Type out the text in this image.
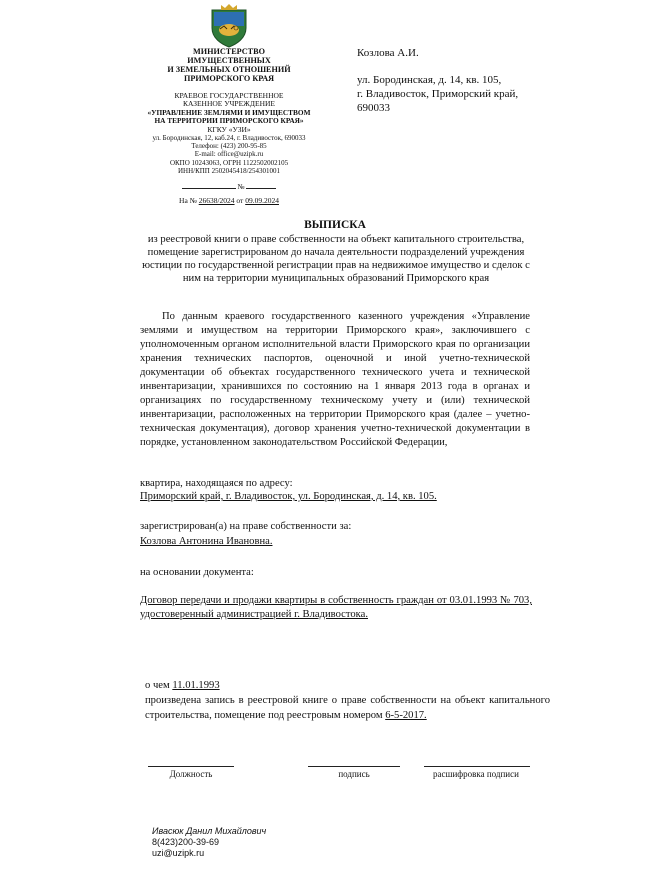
МИНИСТЕРСТВО
ИМУЩЕСТВЕННЫХ
И ЗЕМЕЛЬНЫХ ОТНОШЕНИЙ
ПРИМОРСКОГО КРАЯ
КРАЕВОЕ ГОСУДАРСТВЕННОЕ
КАЗЕННОЕ УЧРЕЖДЕНИЕ
«УПРАВЛЕНИЕ ЗЕМЛЯМИ И ИМУЩЕСТВОМ
НА ТЕРРИТОРИИ ПРИМОРСКОГО КРАЯ»
КГКУ «УЗИ»
ул. Бородинская, 12, каб.24, г. Владивосток, 690033
Телефон: (423) 200-95-85
E-mail: office@uzipk.ru
ОКПО 10243063, ОГРН 1122502002105
ИНН/КПП 2502045418/254301001
№
На № 26638/2024 от 09.09.2024
Козлова А.И.
ул. Бородинская, д. 14, кв. 105,
г. Владивосток, Приморский край,
690033
ВЫПИСКА
из реестровой книги о праве собственности на объект капитального строительства, помещение зарегистрированом до начала деятельности подразделений учреждения юстиции по государственной регистрации прав на недвижимое имущество и сделок с ним на территории муниципальных образований Приморского края

По данным краевого государственного казенного учреждения «Управление землями и имуществом на территории Приморского края», заключившего с уполномоченным органом исполнительной власти Приморского края по организации хранения технических паспортов, оценочной и иной учетно-технической документации об объектах государственного технического учета и технической инвентаризации, хранившихся по состоянию на 1 января 2013 года в органах и организациях по государственному техническому учету и (или) технической инвентаризации, расположенных на территории Приморского края (далее – учетно-техническая документация), договор хранения учетно-технической документации в порядке, установленном законодательством Российской Федерации,

квартира, находящаяся по адресу:
Приморский край, г. Владивосток, ул. Бородинская, д. 14, кв. 105.
зарегистрирован(а) на праве собственности за:
Козлова Антонина Ивановна.
на основании документа:
Договор передачи и продажи квартиры в собственность граждан от 03.01.1993 № 703, удостоверенный администрацией г. Владивостока.
о чем 11.01.1993
произведена запись в реестровой книге о праве собственности на объект капитального строительства, помещение под реестровым номером 6-5-2017.
Должность	подпись	расшифровка подписи
Ивасюк Данил Михайлович
8(423)200-39-69
uzi@uzipk.ru
